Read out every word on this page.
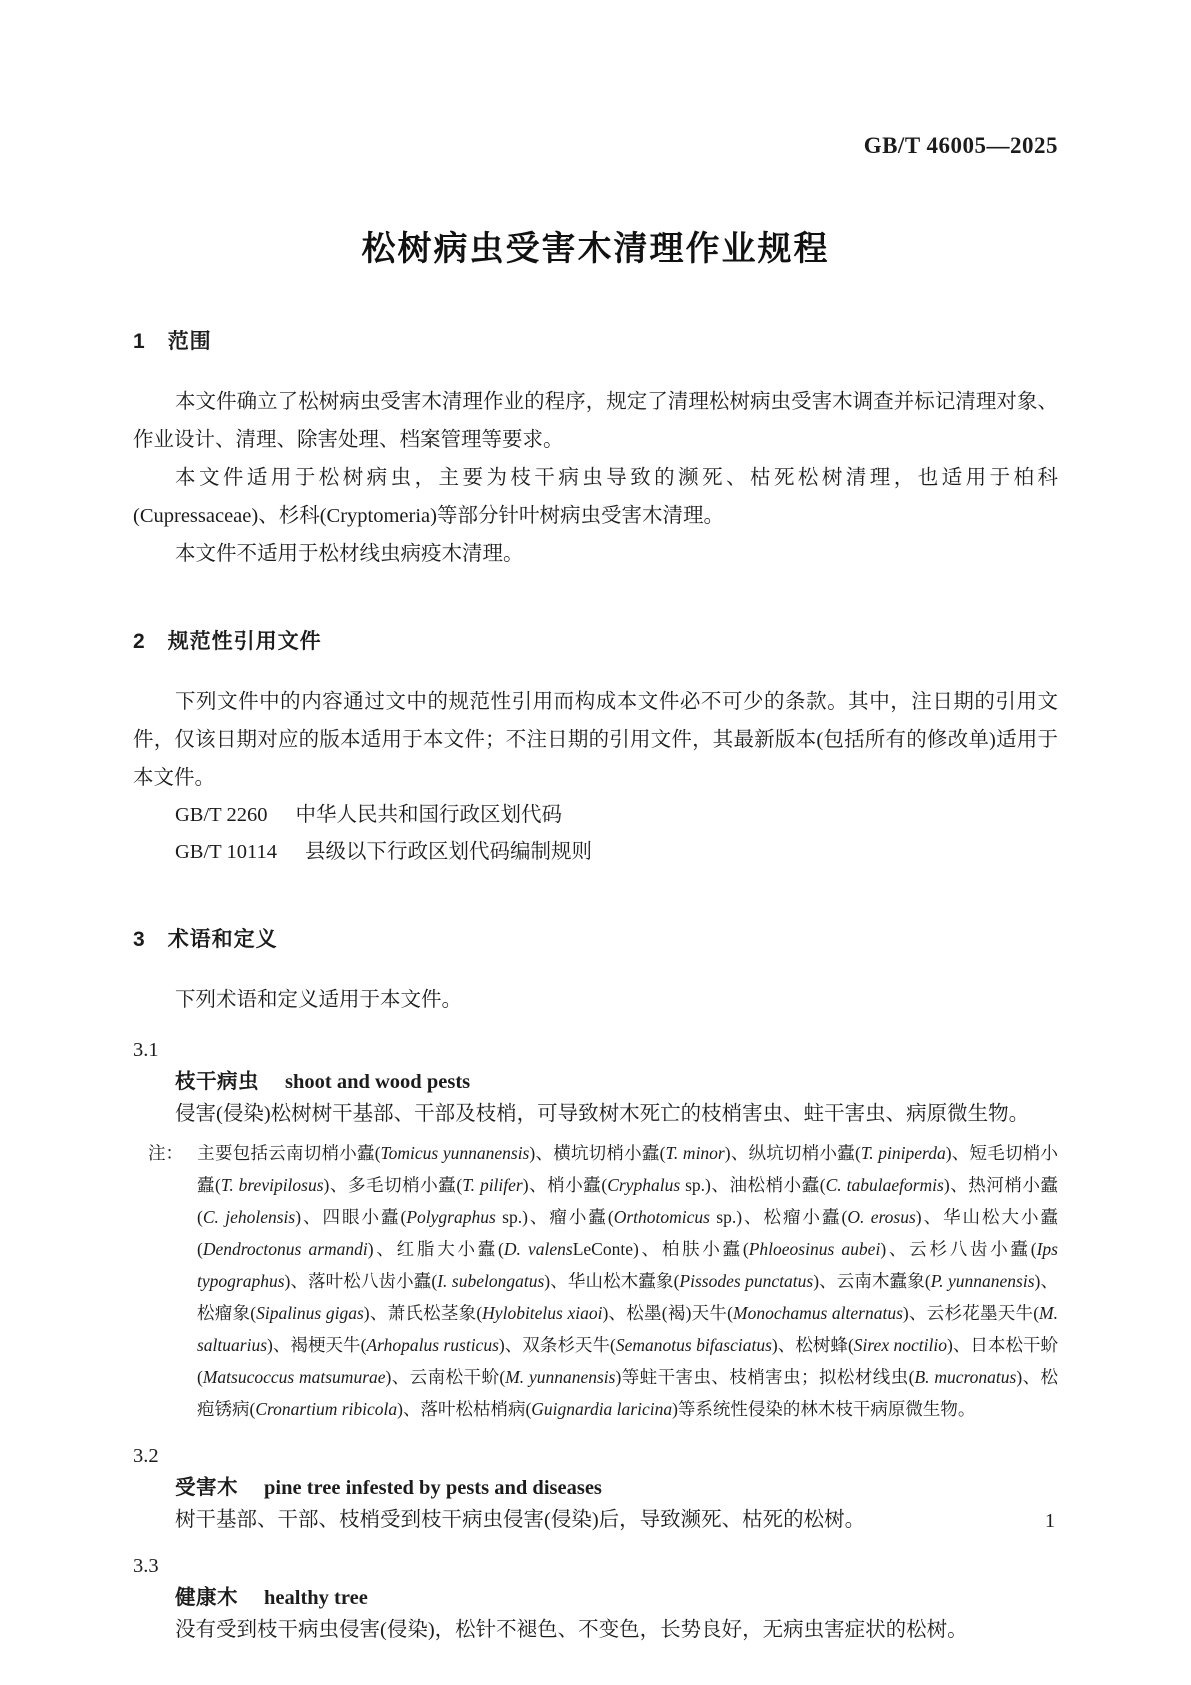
GB/T 46005—2025
松树病虫受害木清理作业规程
1 范围

本文件确立了松树病虫受害木清理作业的程序，规定了清理松树病虫受害木调查并标记清理对象、作业设计、清理、除害处理、档案管理等要求。

本文件适用于松树病虫，主要为枝干病虫导致的濒死、枯死松树清理，也适用于柏科(Cupressaceae)、杉科(Cryptomeria)等部分针叶树病虫受害木清理。

本文件不适用于松材线虫病疫木清理。

2 规范性引用文件

下列文件中的内容通过文中的规范性引用而构成本文件必不可少的条款。其中，注日期的引用文件，仅该日期对应的版本适用于本文件；不注日期的引用文件，其最新版本(包括所有的修改单)适用于本文件。

GB/T 2260 中华人民共和国行政区划代码

GB/T 10114 县级以下行政区划代码编制规则

3 术语和定义

下列术语和定义适用于本文件。

3.1
枝干病虫 shoot and wood pests

侵害(侵染)松树树干基部、干部及枝梢，可导致树木死亡的枝梢害虫、蛀干害虫、病原微生物。

注： 主要包括云南切梢小蠹(Tomicus yunnanensis)、横坑切梢小蠹(T. minor)、纵坑切梢小蠹(T. piniperda)、短毛切梢小蠹(T. brevipilosus)、多毛切梢小蠹(T. pilifer)、梢小蠹(Cryphalus sp.)、油松梢小蠹(C. tabulaeformis)、热河梢小蠹(C. jeholensis)、四眼小蠹(Polygraphus sp.)、瘤小蠹(Orthotomicus sp.)、松瘤小蠹(O. erosus)、华山松大小蠹(Dendroctonus armandi)、红脂大小蠹(D. valensLeConte)、柏肤小蠹(Phloeosinus aubei)、云杉八齿小蠹(Ips typographus)、落叶松八齿小蠹(I. subelongatus)、华山松木蠹象(Pissodes punctatus)、云南木蠹象(P. yunnanensis)、松瘤象(Sipalinus gigas)、萧氏松茎象(Hylobitelus xiaoi)、松墨(褐)天牛(Monochamus alternatus)、云杉花墨天牛(M. saltuarius)、褐梗天牛(Arhopalus rusticus)、双条杉天牛(Semanotus bifasciatus)、松树蜂(Sirex noctilio)、日本松干蚧(Matsucoccus matsumurae)、云南松干蚧(M. yunnanensis)等蛀干害虫、枝梢害虫；拟松材线虫(B. mucronatus)、松疱锈病(Cronartium ribicola)、落叶松枯梢病(Guignardia laricina)等系统性侵染的林木枝干病原微生物。
3.2
受害木 pine tree infested by pests and diseases

树干基部、干部、枝梢受到枝干病虫侵害(侵染)后，导致濒死、枯死的松树。

3.3
健康木 healthy tree

没有受到枝干病虫侵害(侵染)，松针不褪色、不变色，长势良好，无病虫害症状的松树。

1
